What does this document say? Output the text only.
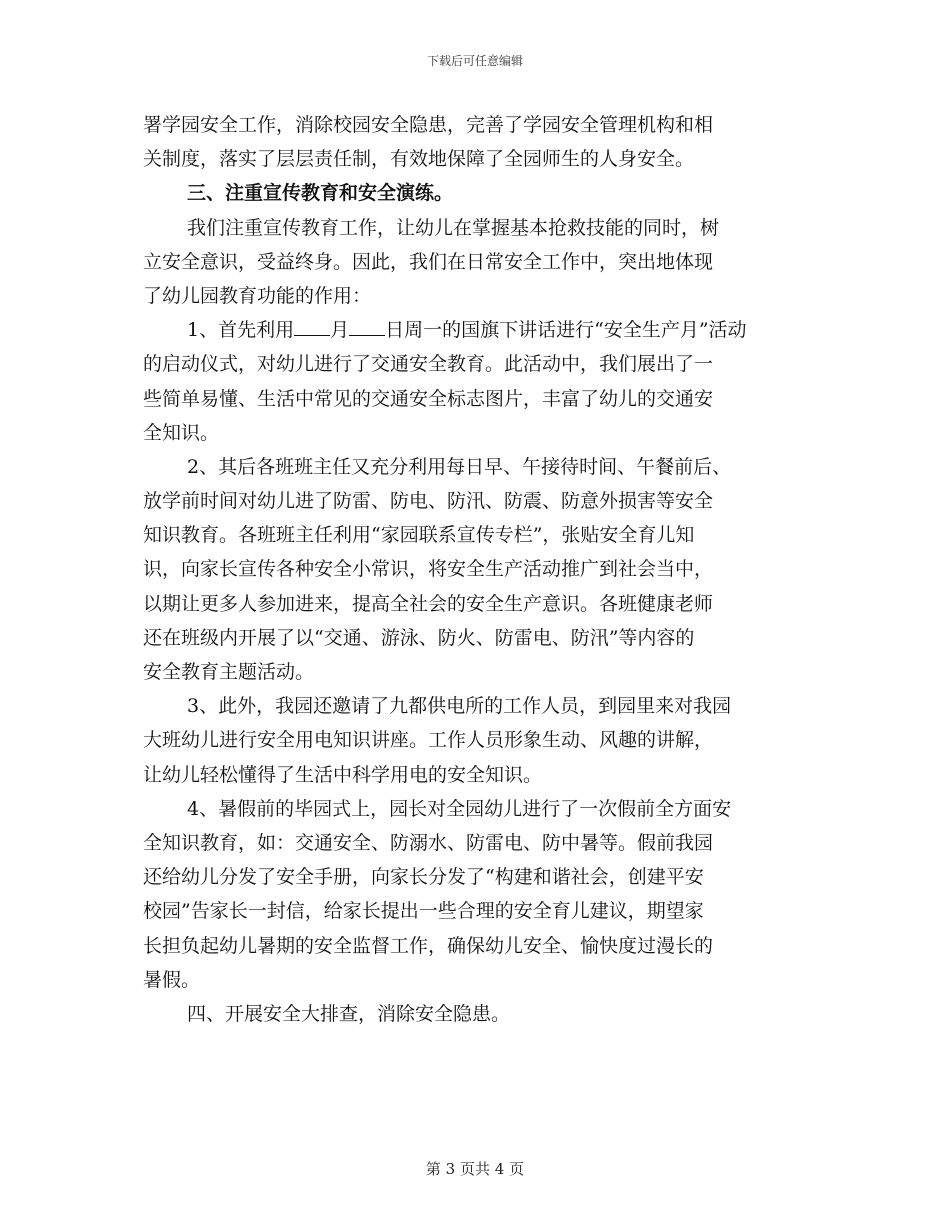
下载后可任意编辑
署学园安全工作，消除校园安全隐患，完善了学园安全管理机构和相
关制度，落实了层层责任制，有效地保障了全园师生的人身安全。
三、注重宣传教育和安全演练。
我们注重宣传教育工作，让幼儿在掌握基本抢救技能的同时，树
立安全意识，受益终身。因此，我们在日常安全工作中，突出地体现
了幼儿园教育功能的作用：
1、首先利用 月 日周一的国旗下讲话进行“安全生产月”活动
的启动仪式，对幼儿进行了交通安全教育。此活动中，我们展出了一
些简单易懂、生活中常见的交通安全标志图片，丰富了幼儿的交通安
全知识。
2、其后各班班主任又充分利用每日早、午接待时间、午餐前后、
放学前时间对幼儿进了防雷、防电、防汛、防震、防意外损害等安全
知识教育。各班班主任利用“家园联系宣传专栏”，张贴安全育儿知
识，向家长宣传各种安全小常识，将安全生产活动推广到社会当中，
以期让更多人参加进来，提高全社会的安全生产意识。各班健康老师
还在班级内开展了以“交通、游泳、防火、防雷电、防汛”等内容的
安全教育主题活动。
3、此外，我园还邀请了九都供电所的工作人员，到园里来对我园
大班幼儿进行安全用电知识讲座。工作人员形象生动、风趣的讲解，
让幼儿轻松懂得了生活中科学用电的安全知识。
4、暑假前的毕园式上，园长对全园幼儿进行了一次假前全方面安
全知识教育，如：交通安全、防溺水、防雷电、防中暑等。假前我园
还给幼儿分发了安全手册，向家长分发了“构建和谐社会，创建平安
校园”告家长一封信，给家长提出一些合理的安全育儿建议，期望家
长担负起幼儿暑期的安全监督工作，确保幼儿安全、愉快度过漫长的
暑假。
四、开展安全大排查，消除安全隐患。
第 3 页共 4 页
